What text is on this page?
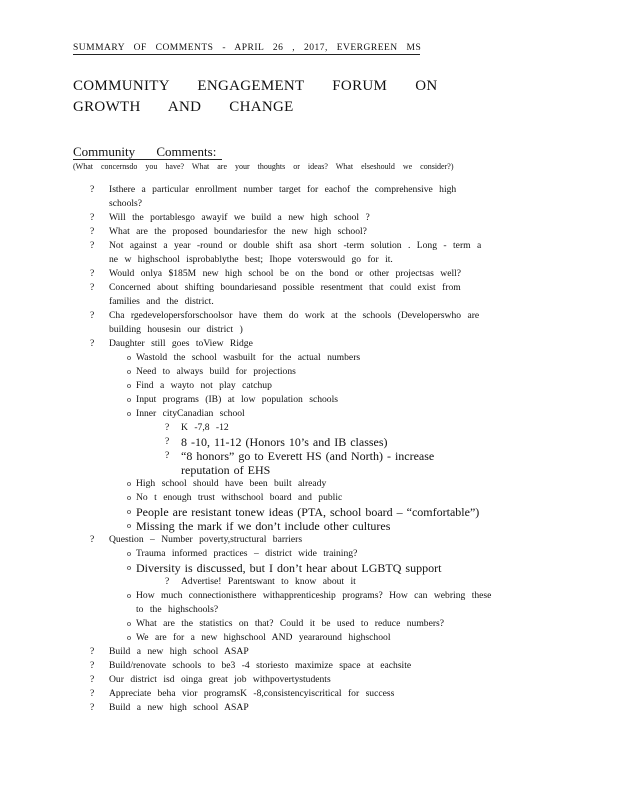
SUMMARY OF COMMENTS - APRIL 26 , 2017, EVERGREEN MS
COMMUNITY ENGAGEMENT FORUM ON
GROWTH AND CHANGE
Community Comments:
(What concernsdo you have? What are your thoughts or ideas? What elseshould we consider?)
? Isthere a particular enrollment number target for eachof the comprehensive high schools?
? Will the portablesgo awayif we build a new high school ?
? What are the proposed boundariesfor the new high school?
? Not against a year -round or double shift asa short -term solution . Long - term a ne w highschool isprobablythe best; Ihope voterswould go for it.
? Would onlya $185M new high school be on the bond or other projectsas well?
? Concerned about shifting boundariesand possible resentment that could exist from families and the district.
? Cha rgedevelopersforschoolsor have them do work at the schools (Developerswho are building housesin our district )
? Daughter still goes toView Ridge
o Wastold the school wasbuilt for the actual numbers
o Need to always build for projections
o Find a wayto not play catchup
o Input programs (IB) at low population schools
o Inner cityCanadian school
? K -7,8 -12
? 8 -10, 11-12 (Honors 10’s and IB classes)
? “8 honors” go to Everett HS (and North) - increase reputation of EHS
o High school should have been built already
o No t enough trust withschool board and public
o People are resistant tonew ideas (PTA, school board – “comfortable”)
o Missing the mark if we don’t include other cultures
? Question – Number poverty,structural barriers
o Trauma informed practices – district wide training?
o Diversity is discussed, but I don’t hear about LGBTQ support
? Advertise! Parentswant to know about it
o How much connectionisthere withapprenticeship programs? How can webring these to the highschools?
o What are the statistics on that? Could it be used to reduce numbers?
o We are for a new highschool AND yeararound highschool
? Build a new high school ASAP
? Build/renovate schools to be3 -4 storiesto maximize space at eachsite
? Our district isd oinga great job withpovertystudents
? Appreciate beha vior programsK -8,consistencyiscritical for success
? Build a new high school ASAP
